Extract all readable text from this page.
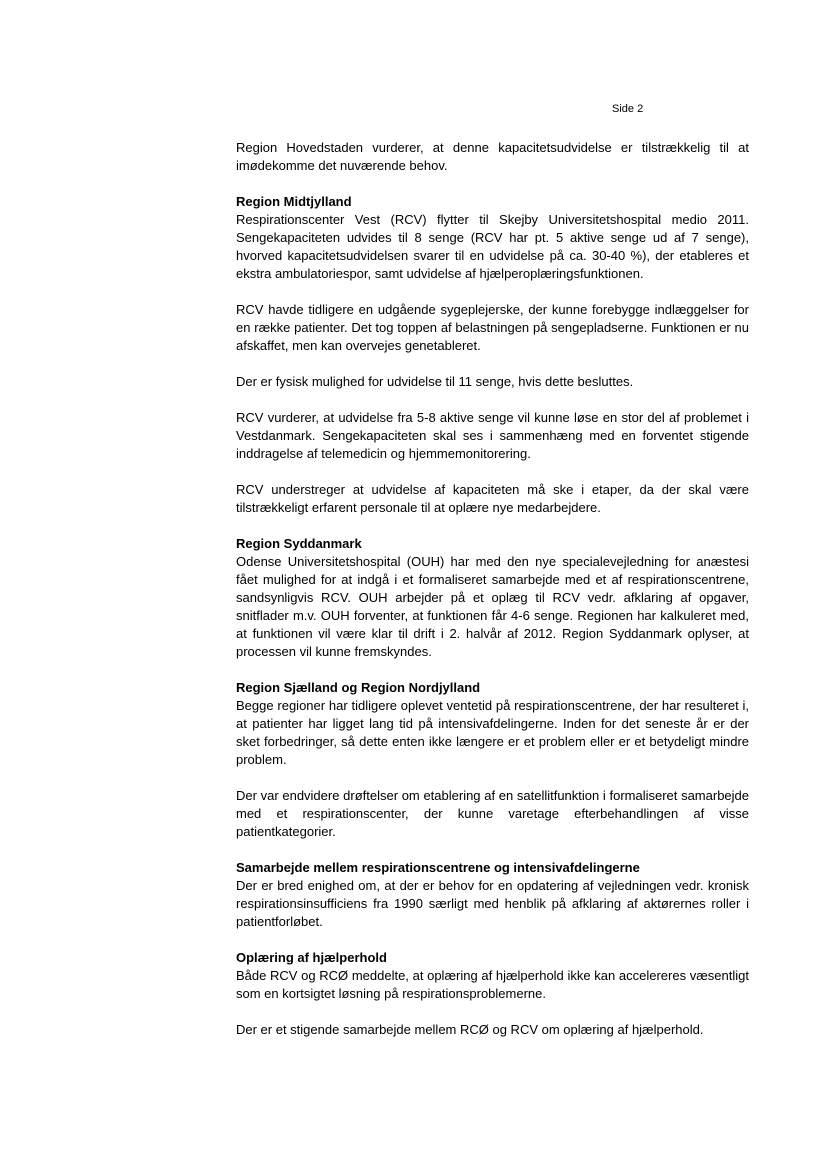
Side 2

Region Hovedstaden vurderer, at denne kapacitetsudvidelse er tilstrækkelig til at imødekomme det nuværende behov.

Region Midtjylland

Respirationscenter Vest (RCV) flytter til Skejby Universitetshospital medio 2011. Sengekapaciteten udvides til 8 senge (RCV har pt. 5 aktive senge ud af 7 senge), hvorved kapacitetsudvidelsen svarer til en udvidelse på ca. 30-40 %), der etableres et ekstra ambulatoriespor, samt udvidelse af hjælperoplæringsfunktionen.

RCV havde tidligere en udgående sygeplejerske, der kunne forebygge indlæggelser for en række patienter. Det tog toppen af belastningen på sengepladserne. Funktionen er nu afskaffet, men kan overvejes genetableret.

Der er fysisk mulighed for udvidelse til 11 senge, hvis dette besluttes.

RCV vurderer, at udvidelse fra 5-8 aktive senge vil kunne løse en stor del af problemet i Vestdanmark. Sengekapaciteten skal ses i sammenhæng med en forventet stigende inddragelse af telemedicin og hjemmemonitorering.

RCV understreger at udvidelse af kapaciteten må ske i etaper, da der skal være tilstrækkeligt erfarent personale til at oplære nye medarbejdere.

Region Syddanmark

Odense Universitetshospital (OUH) har med den nye specialevejledning for anæstesi fået mulighed for at indgå i et formaliseret samarbejde med et af respirationscentrene, sandsynligvis RCV. OUH arbejder på et oplæg til RCV vedr. afklaring af opgaver, snitflader m.v. OUH forventer, at funktionen får 4-6 senge. Regionen har kalkuleret med, at funktionen vil være klar til drift i 2. halvår af 2012. Region Syddanmark oplyser, at processen vil kunne fremskyndes.

Region Sjælland og Region Nordjylland

Begge regioner har tidligere oplevet ventetid på respirationscentrene, der har resulteret i, at patienter har ligget lang tid på intensivafdelingerne. Inden for det seneste år er der sket forbedringer, så dette enten ikke længere er et problem eller er et betydeligt mindre problem.

Der var endvidere drøftelser om etablering af en satellitfunktion i formaliseret samarbejde med et respirationscenter, der kunne varetage efterbehandlingen af visse patientkategorier.

Samarbejde mellem respirationscentrene og intensivafdelingerne

Der er bred enighed om, at der er behov for en opdatering af vejledningen vedr. kronisk respirationsinsufficiens fra 1990 særligt med henblik på afklaring af aktørernes roller i patientforløbet.

Oplæring af hjælperhold

Både RCV og RCØ meddelte, at oplæring af hjælperhold ikke kan accelereres væsentligt som en kortsigtet løsning på respirationsproblemerne.

Der er et stigende samarbejde mellem RCØ og RCV om oplæring af hjælperhold.
